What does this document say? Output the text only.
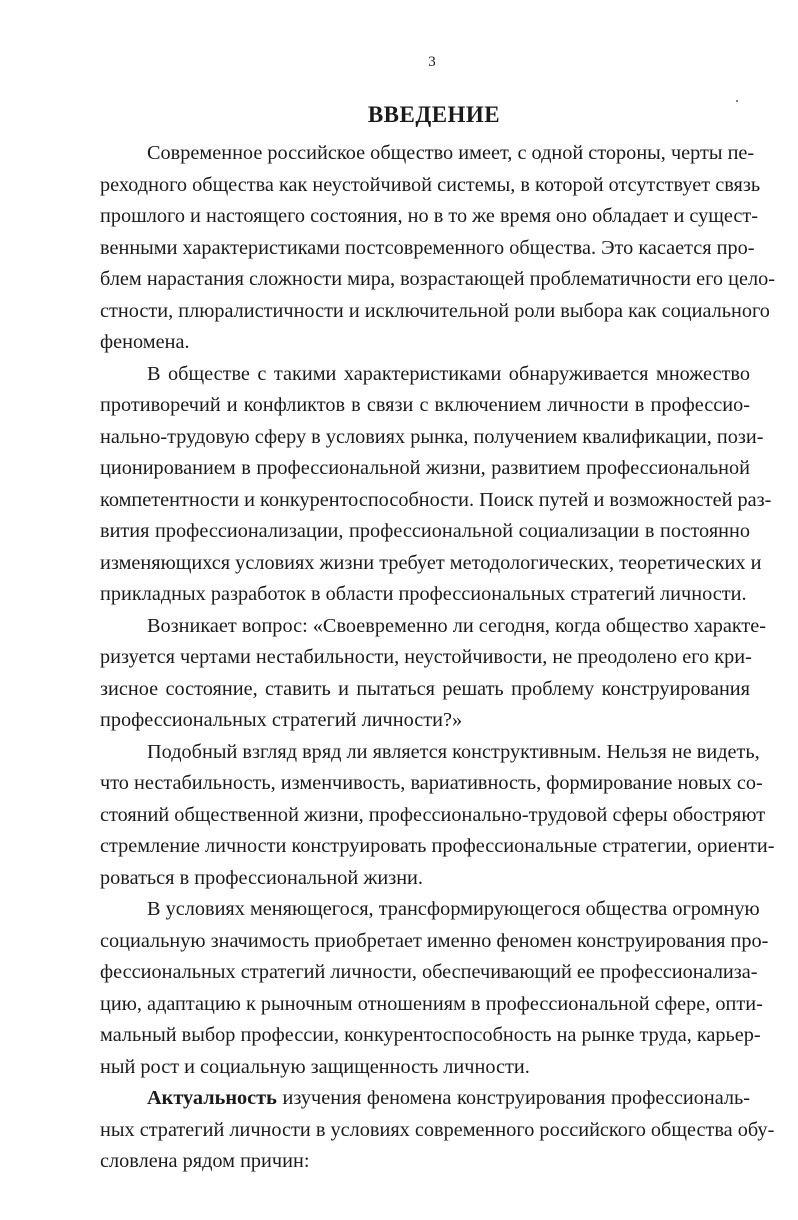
3
ВВЕДЕНИЕ
Современное российское общество имеет, с одной стороны, черты пе-
реходного общества как неустойчивой системы, в которой отсутствует связь
прошлого и настоящего состояния, но в то же время оно обладает и сущест-
венными характеристиками постсовременного общества. Это касается про-
блем нарастания сложности мира, возрастающей проблематичности его цело-
стности, плюралистичности и исключительной роли выбора как социального
феномена.
В обществе с такими характеристиками обнаруживается множество
противоречий и конфликтов в связи с включением личности в профессио-
нально-трудовую сферу в условиях рынка, получением квалификации, пози-
ционированием в профессиональной жизни, развитием профессиональной
компетентности и конкурентоспособности. Поиск путей и возможностей раз-
вития профессионализации, профессиональной социализации в постоянно
изменяющихся условиях жизни требует методологических, теоретических и
прикладных разработок в области профессиональных стратегий личности.
Возникает вопрос: «Своевременно ли сегодня, когда общество характе-
ризуется чертами нестабильности, неустойчивости, не преодолено его кри-
зисное состояние, ставить и пытаться решать проблему конструирования
профессиональных стратегий личности?»
Подобный взгляд вряд ли является конструктивным. Нельзя не видеть,
что нестабильность, изменчивость, вариативность, формирование новых со-
стояний общественной жизни, профессионально-трудовой сферы обостряют
стремление личности конструировать профессиональные стратегии, ориенти-
роваться в профессиональной жизни.
В условиях меняющегося, трансформирующегося общества огромную
социальную значимость приобретает именно феномен конструирования про-
фессиональных стратегий личности, обеспечивающий ее профессионализа-
цию, адаптацию к рыночным отношениям в профессиональной сфере, опти-
мальный выбор профессии, конкурентоспособность на рынке труда, карьер-
ный рост и социальную защищенность личности.
Актуальность изучения феномена конструирования профессиональ-
ных стратегий личности в условиях современного российского общества обу-
словлена рядом причин:
